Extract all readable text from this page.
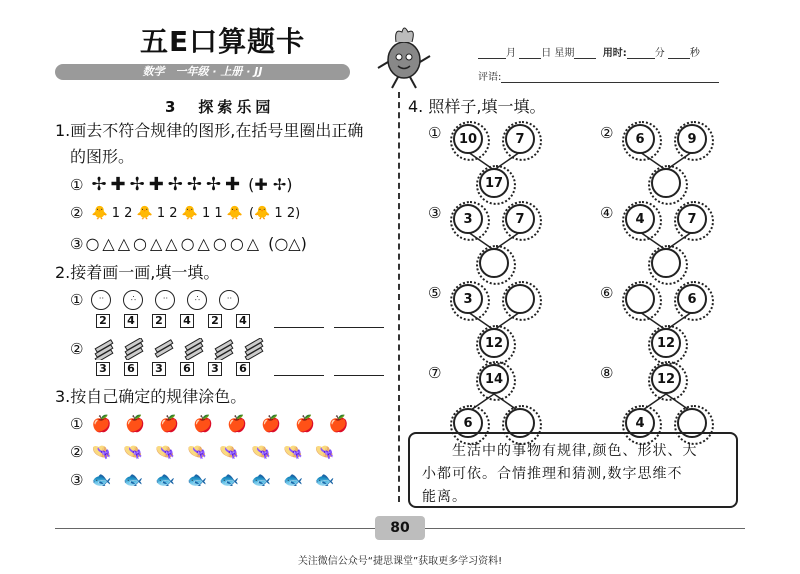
五E口算题卡
数学　一年级 · 上册 · JJ
月	日 星期	用时:	分	秒
评语:
3　探索乐园
1.画去不符合规律的图形,在括号里圈出正确
的图形。
① ✢✚✢✚✢✢✢✚ (✚ ✢)
② 🐥 1 2 🐥 1 2 🐥 1 1 🐥 (🐥 1 2)
③ ○△△○△△○△○○△ (○△)
2.接着画一画,填一填。
①	··	∴	··	∴	··
2 4 2 4 2 4
②
3 6 3 6 3 6
3.按自己确定的规律涂色。
① 🍎🍎🍎🍎🍎🍎🍎🍎
② 👒👒👒👒👒👒👒👒
③ 🐟🐟🐟🐟🐟🐟🐟🐟
4. 照样子,填一填。
①	10	7
17
②	6	9
③	3	7	④	4	7
⑤	3
12
⑥	6
12
⑦	14
6
⑧	12
4
　　生活中的事物有规律,颜色、形状、大
小都可依。合情推理和猜测,数字思维不
能离。
80
关注微信公众号“捷思课堂”获取更多学习资料!
